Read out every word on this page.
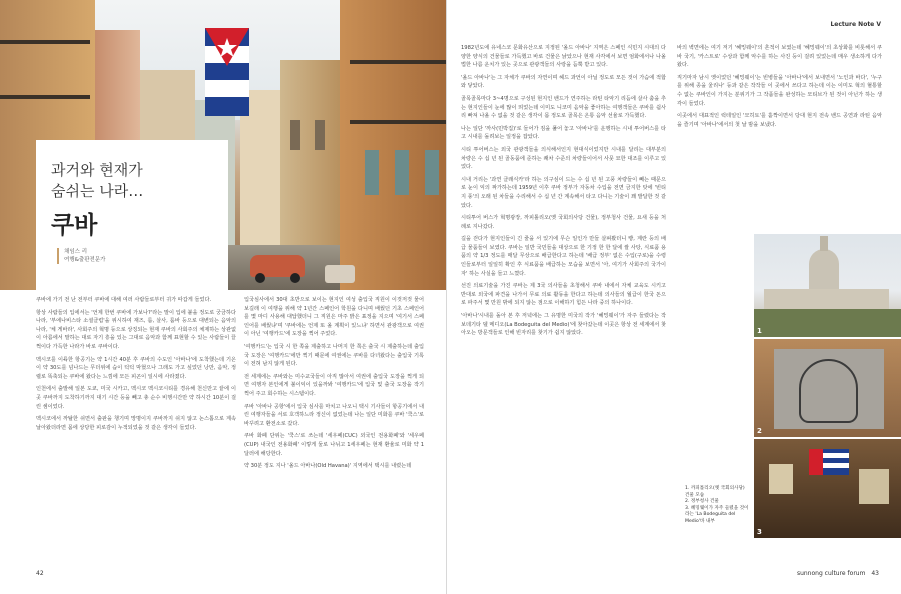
과거와 현재가
숨쉬는 나라…
쿠바
채임스 리
여행&출판전문가

쿠바에 가기 전 난 전부터 쿠바에 대해 여러 사람들로부터 귀가 따갑게 들었다.

항상 사람들의 입에서는 '언제 한번 쿠바에 가보나?'라는 말이 입에 붙을 정도로 궁금하다 나라, '부에나비스타 소셜클럽'을 위시하여 재즈, 룸, 살사, 룸바 등으로 대변되는 음악의 나라, '체 게바라', 사회주의 혁명 등으로 상징되는 현재 쿠바의 사회주의 체제하는 상관없이 아름에서 말하는 대로 자기 흥을 있는 그대로 음악과 함께 표현할 수 있는 사람들이 끌쩍이다 가득한 나라가 바로 쿠바이다.

멕시코를 이륙한 항공기는 약 1시간 40분 후 쿠바의 수도인 '아바나'에 도착했는데 기온이 약 30도를 넘나드는 무더위에 습이 턱턱 막혔으나 그래도 가고 싶었던 낭만, 음악, 정렬로 똑축되는 쿠바에 왔다는 느낌에 모든 피곤이 일시에 사라졌다.

인천에서 출발해 일본 도쿄, 미국 시카고, 멕시코 멕시코시티를 경유해 천신만고 끝에 이곳 쿠바까지 도착하기까지 대기 시간 등을 빼고 총 순수 비행시간만 약 하시간 10분이 걸린 셈이었다.

멕시코에서 까탈한 쉬면서 출판을 챙기며 망명이지 쿠바까지 쉬지 않고 논스톱으로 계속 날아왔더라면 몸에 상당한 피로감이 누적되었을 것 같은 생각이 들었다.

입국심사에서 30대 초반으로 보이는 현지인 여성 출입국 직원이 이것저것 물어보길래 이 여행을 위해 약 1년간 스페인어 학원을 다니며 배웠던 기초 스페인어를 몇 마디 사용해 대답했더니 그 직원은 마주 밝은 표정을 지으며 '여기서 스페인어를 배웠냐'며 '쿠바에는 언제 또 올 계획이 있느냐' 하면서 관광객으로 여권이 아닌 '여행카드'에 도장을 찍어 주었다.

'여행카드'는 입국 시 한 쪽을 제출하고 나머지 한 쪽은 출국 시 제출하는데 출입국 도장은 '여행카드'에만 찍기 때문에 여권에는 쿠바를 다녀왔다는 출입국 기록이 전혀 남지 않게 된다.

전 세계에는 쿠바와는 미수교국들이 아직 많아서 여권에 출입국 도장을 찍게 되면 여행자 본인에게 불이익이 있을까봐 '여행카드'에 입국 및 출국 도장을 작기 찍어 주고 회수하는 시스템이다.

쿠바 '아바나 공항'에서 입국 심사를 마치고 나오니 택시 기사들이 항공기에서 내린 여행자들을 서로 호객하느라 정신이 없었는데 나는 일단 미화를 쿠바 '쿡스'로 바꾸려고 환전소로 갔다.

쿠바 화폐 단위는 '쿡스'로 쓰는데 '세우페(CUC) 외국인 전용화폐'와 '세우페(CUP) 내국인 전용화폐' 이렇게 둘로 나뉘고 1세우페는 현재 환율로 미화 약 1달러에 해당한다.

약 30분 정도 지나 '올드 아바나(Old Havana)' 지역에서 택시를 내렸는데

42
Lecture Note V

1982년도에 유네스코 문화유산으로 지정된 '올드 아바나' 지역은 스페인 식민지 시대의 다양한 양식의 건물들로 가득했고 바로 건물은 낡았으나 현재 사각에서 보면 엄화에서나 나올 법한 나름 운치가 있는 곳으로 관광객들의 사랑을 듬뿍 받고 있다.

'올드 아바나'는 그 자체가 쿠바의 자연이며 헤드 과언이 아닐 정도로 모든 것이 가슴에 적합 와 닿았다.

골목골목마다 3~4명으로 구성된 현지인 밴드가 연주하는 라틴 타악기 리듬에 살사 춤을 추는 현지인들이 눈에 많이 띄었는데 이미도 니코미 음악을 좋아하는 여행객들은 쿠바를 쉽사리 빠져 나올 수 없을 것 같은 생각이 몸 정도로 골목은 온통 음악 선율로 가득했다.

나는 일단 '까사(민박집)'로 들어가 짐을 풀어 놓고 '아바나'를 운행하는 시내 투어버스를 타고 시내를 돌려보는 일정을 잡았다.

시티 투어버스는 외국 관광객들을 의식해서인지 현대식이었지만 시내를 달리는 대부분의 차량은 수 십 년 된 골동품에 준하는 쾌차 수준의 차량들이어서 사뭇 묘한 대조를 이루고 있었다.

시내 거리는 '과연 클래식카'라 하는 의구심이 드는 수 십 년 된 고풍 차량들이 빼는 때문으로 눈이 익의 짜가하는데 1959년 이후 쿠바 정부가 자동차 수입을 전면 금지한 탓에 '빈티지 풍'의 오래 된 차들을 수리해서 수 십 년 간 계속해서 타고 다니는 기술이 꽤 발달한 것 같았다.

시티투어 버스가 혁명광장, 까피톨리오(옛 국회의사당 건물), 정부청사 건물, 요새 등을 처례로 지나갔다.

길을 걷다가 현지인들이 긴 줄을 서 있기에 무슨 일인가 만들 살펴봤더니 빵, 계란 등의 배급 물품들이 보였다. 쿠바는 일반 국민들을 대상으로 한 기정 한 한 달에 쌀 사탕, 식료품 용품의 약 1/3 정도를 매달 무상으로 배급한다고 하는데 '배급 정부' 없은 수입(구로)을 수령인들로부터 일일히 확인 후 식료품을 배급하는 모습을 보면서 '아, 여기가 사회주의 국가이자' 하는 사실을 들고 느꼈다.

선진 의료기술을 가진 쿠바는 제 3국 의사들을 초청해서 쿠바 내에서 자체 교육도 시키고 반대로 외국에 파견을 나가서 무료 의료 활동을 한다고 하는데 의사들의 월급이 한국 돈으로 파주서 몇 만원 밖에 되지 않는 점으로 이해하기 힘든 나라 중의 하나이다.

'아바나'시내를 돌아 본 후 저녁에는 그 유명한 미국의 작가 '혜밍웨이'가 자주 들렸다는 작 보데기타 델 메디오(La Bodeguita del Medio)'에 찾아갔는데 이곳은 항상 전 세계에서 찾아오는 방문객들로 인해 빈자리를 찾기가 쉽지 않았다.

바의 벽면에는 여기 저기 '혜밍웨이'의 흔적이 보였는데 '혜밍웨이'의 초상화를 비롯해서 쿠바 국기, '카스트로' 수상과 함께 악수를 하는 사진 등이 걸려 있었는데 매우 생소하게 다가왔다.

직기마자 남시 옛이었던 '혜밍웨이'는 빈병들을 '아바나'에서 보내면서 '노인과 바다', '누구를 위해 종을 울리나' 등과 같은 작작들 이 곳에서 쓰다고 하는데 이는 이미도 혁의 혈통할 수 없는 쿠바인이 가지는 분위기가 그 작품들을 완성하는 모티브가 된 것이 아닌가 하는 생각이 들었다.

이곳에서 대표적인 럭테일인 '모히토'를 홀짝이면서 당대 현지 전속 밴드 공연과 라틴 음악을 즐기며 '아바나'에서의 첫 날 밤을 보냈다.

1
2
3
1. 까피톨리오(옛 국회의사당) 건물 모습
2. 정부청사 건물
3. 혜밍웨이가 자주 들렸을 것이라는 'La Bodeguita del Medio'바 내부
sunnong culture forum 43
